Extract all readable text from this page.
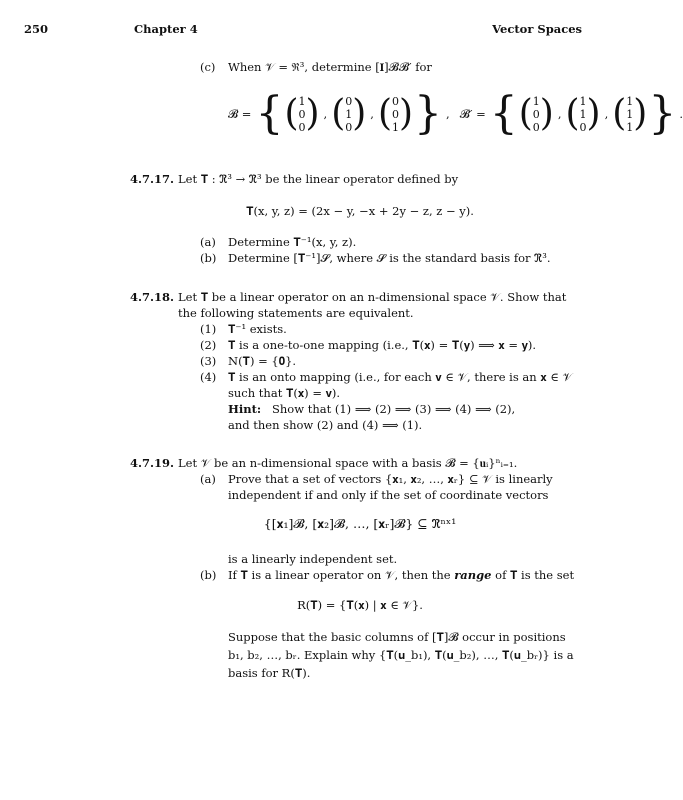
250	Chapter 4	Vector Spaces
(c) When 𝒱 = ℜ³, determine [𝐈]𝓑𝓑′ for
𝓑 = { ( 1
0
0 ) , ( 0
1
0 ) , ( 0
0
1 ) } , 𝓑′ = { ( 1
0
0 ) , ( 1
1
0 ) , ( 1
1
1 ) } .
4.7.17. Let 𝐓 : ℜ³ → ℜ³ be the linear operator defined by
𝐓(x, y, z) = (2x − y, −x + 2y − z, z − y).
(a) Determine 𝐓⁻¹(x, y, z).
(b) Determine [𝐓⁻¹]𝓢, where 𝓢 is the standard basis for ℜ³.
4.7.18. Let 𝐓 be a linear operator on an n-dimensional space 𝒱. Show that
the following statements are equivalent.
(1) 𝐓⁻¹ exists.
(2) 𝐓 is a one-to-one mapping (i.e., 𝐓(𝐱) = 𝐓(𝐲) ⟹ 𝐱 = 𝐲).
(3) N(𝐓) = {𝟎}.
(4) 𝐓 is an onto mapping (i.e., for each 𝐯 ∈ 𝒱, there is an 𝐱 ∈ 𝒱
such that 𝐓(𝐱) = 𝐯).
Hint: Show that (1) ⟹ (2) ⟹ (3) ⟹ (4) ⟹ (2),
and then show (2) and (4) ⟹ (1).
4.7.19. Let 𝒱 be an n-dimensional space with a basis 𝓑 = {𝐮ᵢ}ⁿᵢ₌₁.
(a) Prove that a set of vectors {𝐱₁, 𝐱₂, …, 𝐱ᵣ} ⊆ 𝒱 is linearly
independent if and only if the set of coordinate vectors
{[𝐱₁]𝓑, [𝐱₂]𝓑, …, [𝐱ᵣ]𝓑} ⊆ ℜⁿˣ¹
is a linearly independent set.
(b) If 𝐓 is a linear operator on 𝒱, then the range of 𝐓 is the set
R(𝐓) = {𝐓(𝐱) | 𝐱 ∈ 𝒱}.
Suppose that the basic columns of [𝐓]𝓑 occur in positions
b₁, b₂, …, bᵣ. Explain why {𝐓(𝐮_b₁), 𝐓(𝐮_b₂), …, 𝐓(𝐮_bᵣ)} is a
basis for R(𝐓).
